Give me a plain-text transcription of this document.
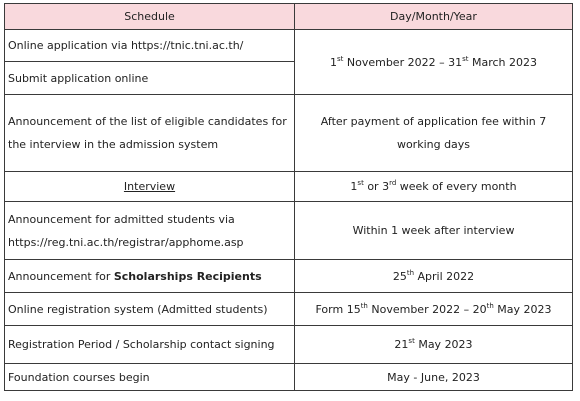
Schedule	Day/Month/Year
Online application via https://tnic.tni.ac.th/	1st November 2022 – 31st March 2023
Submit application online	
Announcement of the list of eligible candidates for the interview in the admission system	After payment of application fee within 7 working days
Interview	1st or 3rd week of every month
Announcement for admitted students via https://reg.tni.ac.th/registrar/apphome.asp	Within 1 week after interview
Announcement for Scholarships Recipients	25th April 2022
Online registration system (Admitted students)	Form 15th November 2022 – 20th May 2023
Registration Period / Scholarship contact signing	21st May 2023
Foundation courses begin	May - June, 2023
